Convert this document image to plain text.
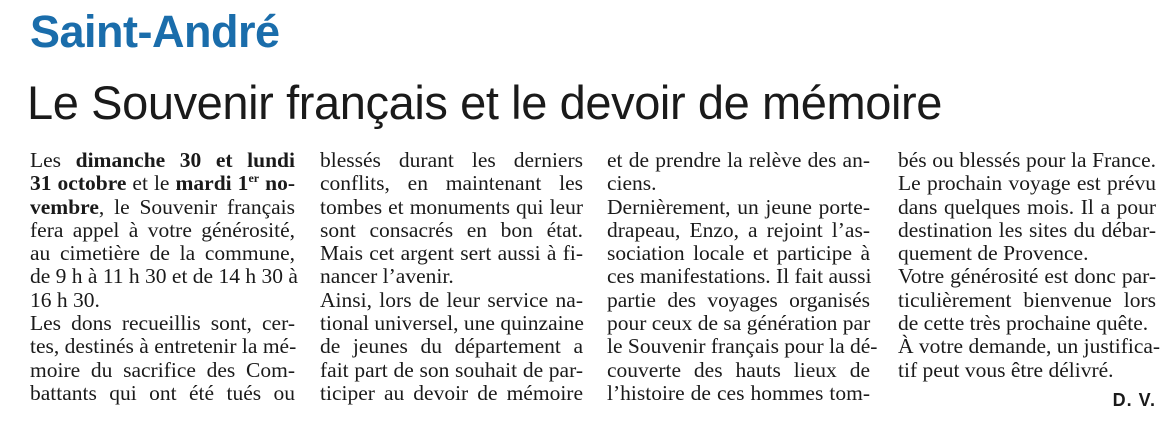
Saint-André
Le Souvenir français et le devoir de mémoire
Les dimanche 30 et lundi
31 octobre et le mardi 1er no-
vembre, le Souvenir français
fera appel à votre générosité,
au cimetière de la commune,
de 9 h à 11 h 30 et de 14 h 30 à
16 h 30.
Les dons recueillis sont, cer-
tes, destinés à entretenir la mé-
moire du sacrifice des Com-
battants qui ont été tués ou
blessés durant les derniers
conflits, en maintenant les
tombes et monuments qui leur
sont consacrés en bon état.
Mais cet argent sert aussi à fi-
nancer l’avenir.
Ainsi, lors de leur service na-
tional universel, une quinzaine
de jeunes du département a
fait part de son souhait de par-
ticiper au devoir de mémoire
et de prendre la relève des an-
ciens.
Dernièrement, un jeune porte-
drapeau, Enzo, a rejoint l’as-
sociation locale et participe à
ces manifestations. Il fait aussi
partie des voyages organisés
pour ceux de sa génération par
le Souvenir français pour la dé-
couverte des hauts lieux de
l’histoire de ces hommes tom-
bés ou blessés pour la France.
Le prochain voyage est prévu
dans quelques mois. Il a pour
destination les sites du débar-
quement de Provence.
Votre générosité est donc par-
ticulièrement bienvenue lors
de cette très prochaine quête.
À votre demande, un justifica-
tif peut vous être délivré.
D. V.
